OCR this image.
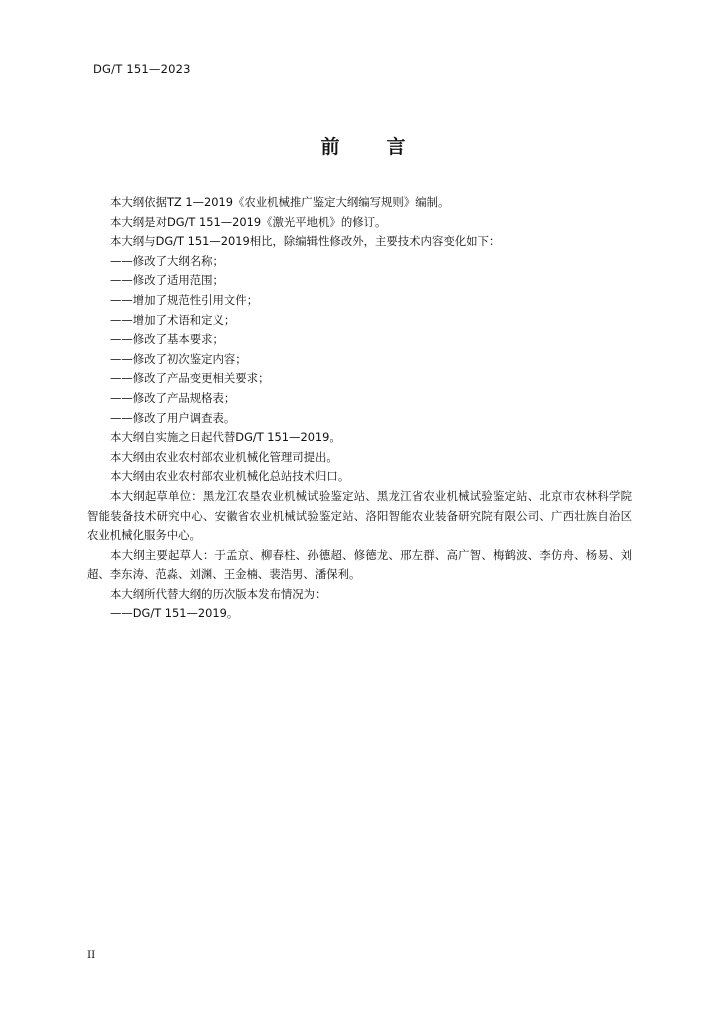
DG/T 151—2023
前　言

本大纲依据TZ 1—2019《农业机械推广鉴定大纲编写规则》编制。

本大纲是对DG/T 151—2019《激光平地机》的修订。

本大纲与DG/T 151—2019相比，除编辑性修改外，主要技术内容变化如下：

——修改了大纲名称；

——修改了适用范围；

——增加了规范性引用文件；

——增加了术语和定义；

——修改了基本要求；

——修改了初次鉴定内容；

——修改了产品变更相关要求；

——修改了产品规格表；

——修改了用户调查表。

本大纲自实施之日起代替DG/T 151—2019。

本大纲由农业农村部农业机械化管理司提出。

本大纲由农业农村部农业机械化总站技术归口。

本大纲起草单位：黑龙江农垦农业机械试验鉴定站、黑龙江省农业机械试验鉴定站、北京市农林科学院智能装备技术研究中心、安徽省农业机械试验鉴定站、洛阳智能农业装备研究院有限公司、广西壮族自治区农业机械化服务中心。

本大纲主要起草人：于孟京、柳春柱、孙德超、修德龙、邢左群、高广智、梅鹤波、李仿舟、杨易、刘超、李东涛、范淼、刘渊、王金楠、裴浩男、潘保利。

本大纲所代替大纲的历次版本发布情况为：

——DG/T 151—2019。

II
